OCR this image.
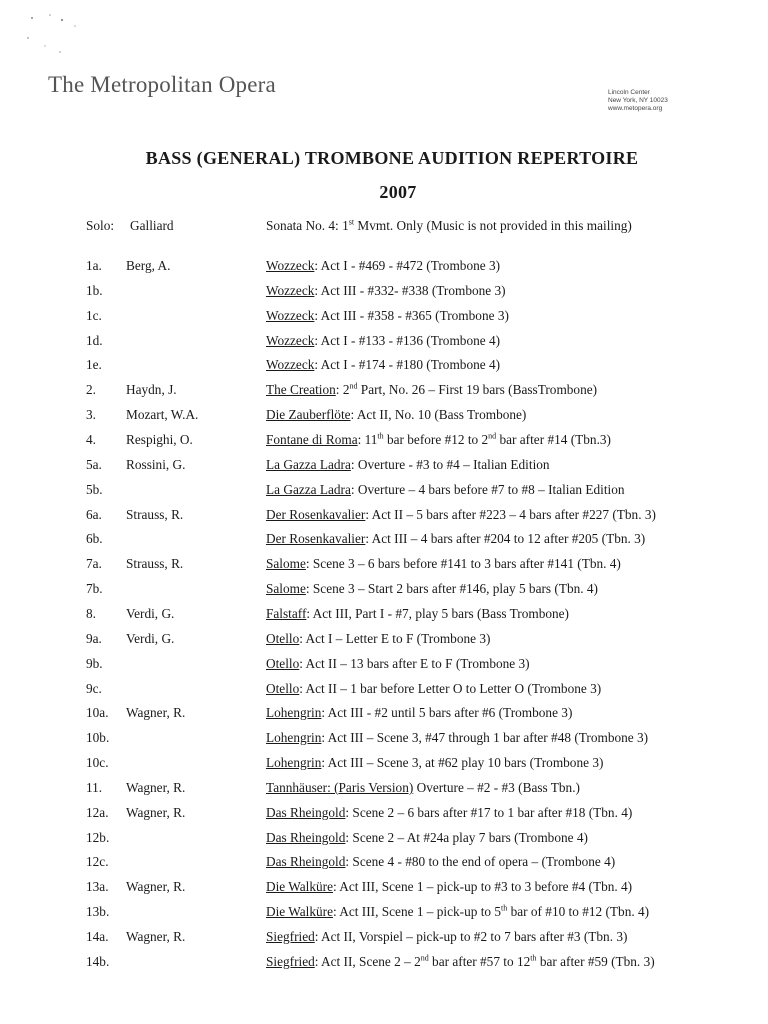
The Metropolitan Opera	Lincoln Center
New York, NY 10023
www.metopera.org
BASS (GENERAL) TROMBONE AUDITION REPERTOIRE
2007
Solo: Galliard	Sonata No. 4: 1st Mvmt. Only (Music is not provided in this mailing)
1a. Berg, A.	Wozzeck: Act I - #469 - #472 (Trombone 3)
1b.	Wozzeck: Act III - #332- #338 (Trombone 3)
1c.	Wozzeck: Act III - #358 - #365 (Trombone 3)
1d.	Wozzeck: Act I - #133 - #136 (Trombone 4)
1e.	Wozzeck: Act I - #174 - #180 (Trombone 4)
2. Haydn, J.	The Creation: 2nd Part, No. 26 – First 19 bars (BassTrombone)
3. Mozart, W.A.	Die Zauberflöte: Act II, No. 10 (Bass Trombone)
4. Respighi, O.	Fontane di Roma: 11th bar before #12 to 2nd bar after #14 (Tbn.3)
5a. Rossini, G.	La Gazza Ladra: Overture - #3 to #4 – Italian Edition
5b.	La Gazza Ladra: Overture – 4 bars before #7 to #8 – Italian Edition
6a. Strauss, R.	Der Rosenkavalier: Act II – 5 bars after #223 – 4 bars after #227 (Tbn. 3)
6b.	Der Rosenkavalier: Act III – 4 bars after #204 to 12 after #205 (Tbn. 3)
7a. Strauss, R.	Salome: Scene 3 – 6 bars before #141 to 3 bars after #141 (Tbn. 4)
7b.	Salome: Scene 3 – Start 2 bars after #146, play 5 bars (Tbn. 4)
8. Verdi, G.	Falstaff: Act III, Part I - #7, play 5 bars (Bass Trombone)
9a. Verdi, G.	Otello: Act I – Letter E to F (Trombone 3)
9b.	Otello: Act II – 13 bars after E to F (Trombone 3)
9c.	Otello: Act II – 1 bar before Letter O to Letter O (Trombone 3)
10a. Wagner, R.	Lohengrin: Act III - #2 until 5 bars after #6 (Trombone 3)
10b.	Lohengrin: Act III – Scene 3, #47 through 1 bar after #48 (Trombone 3)
10c.	Lohengrin: Act III – Scene 3, at #62 play 10 bars (Trombone 3)
11. Wagner, R.	Tannhäuser: (Paris Version) Overture – #2 - #3 (Bass Tbn.)
12a. Wagner, R.	Das Rheingold: Scene 2 – 6 bars after #17 to 1 bar after #18 (Tbn. 4)
12b.	Das Rheingold: Scene 2 – At #24a play 7 bars (Trombone 4)
12c.	Das Rheingold: Scene 4 - #80 to the end of opera – (Trombone 4)
13a. Wagner, R.	Die Walküre: Act III, Scene 1 – pick-up to #3 to 3 before #4 (Tbn. 4)
13b.	Die Walküre: Act III, Scene 1 – pick-up to 5th bar of #10 to #12 (Tbn. 4)
14a. Wagner, R.	Siegfried: Act II, Vorspiel – pick-up to #2 to 7 bars after #3 (Tbn. 3)
14b.	Siegfried: Act II, Scene 2 – 2nd bar after #57 to 12th bar after #59 (Tbn. 3)
